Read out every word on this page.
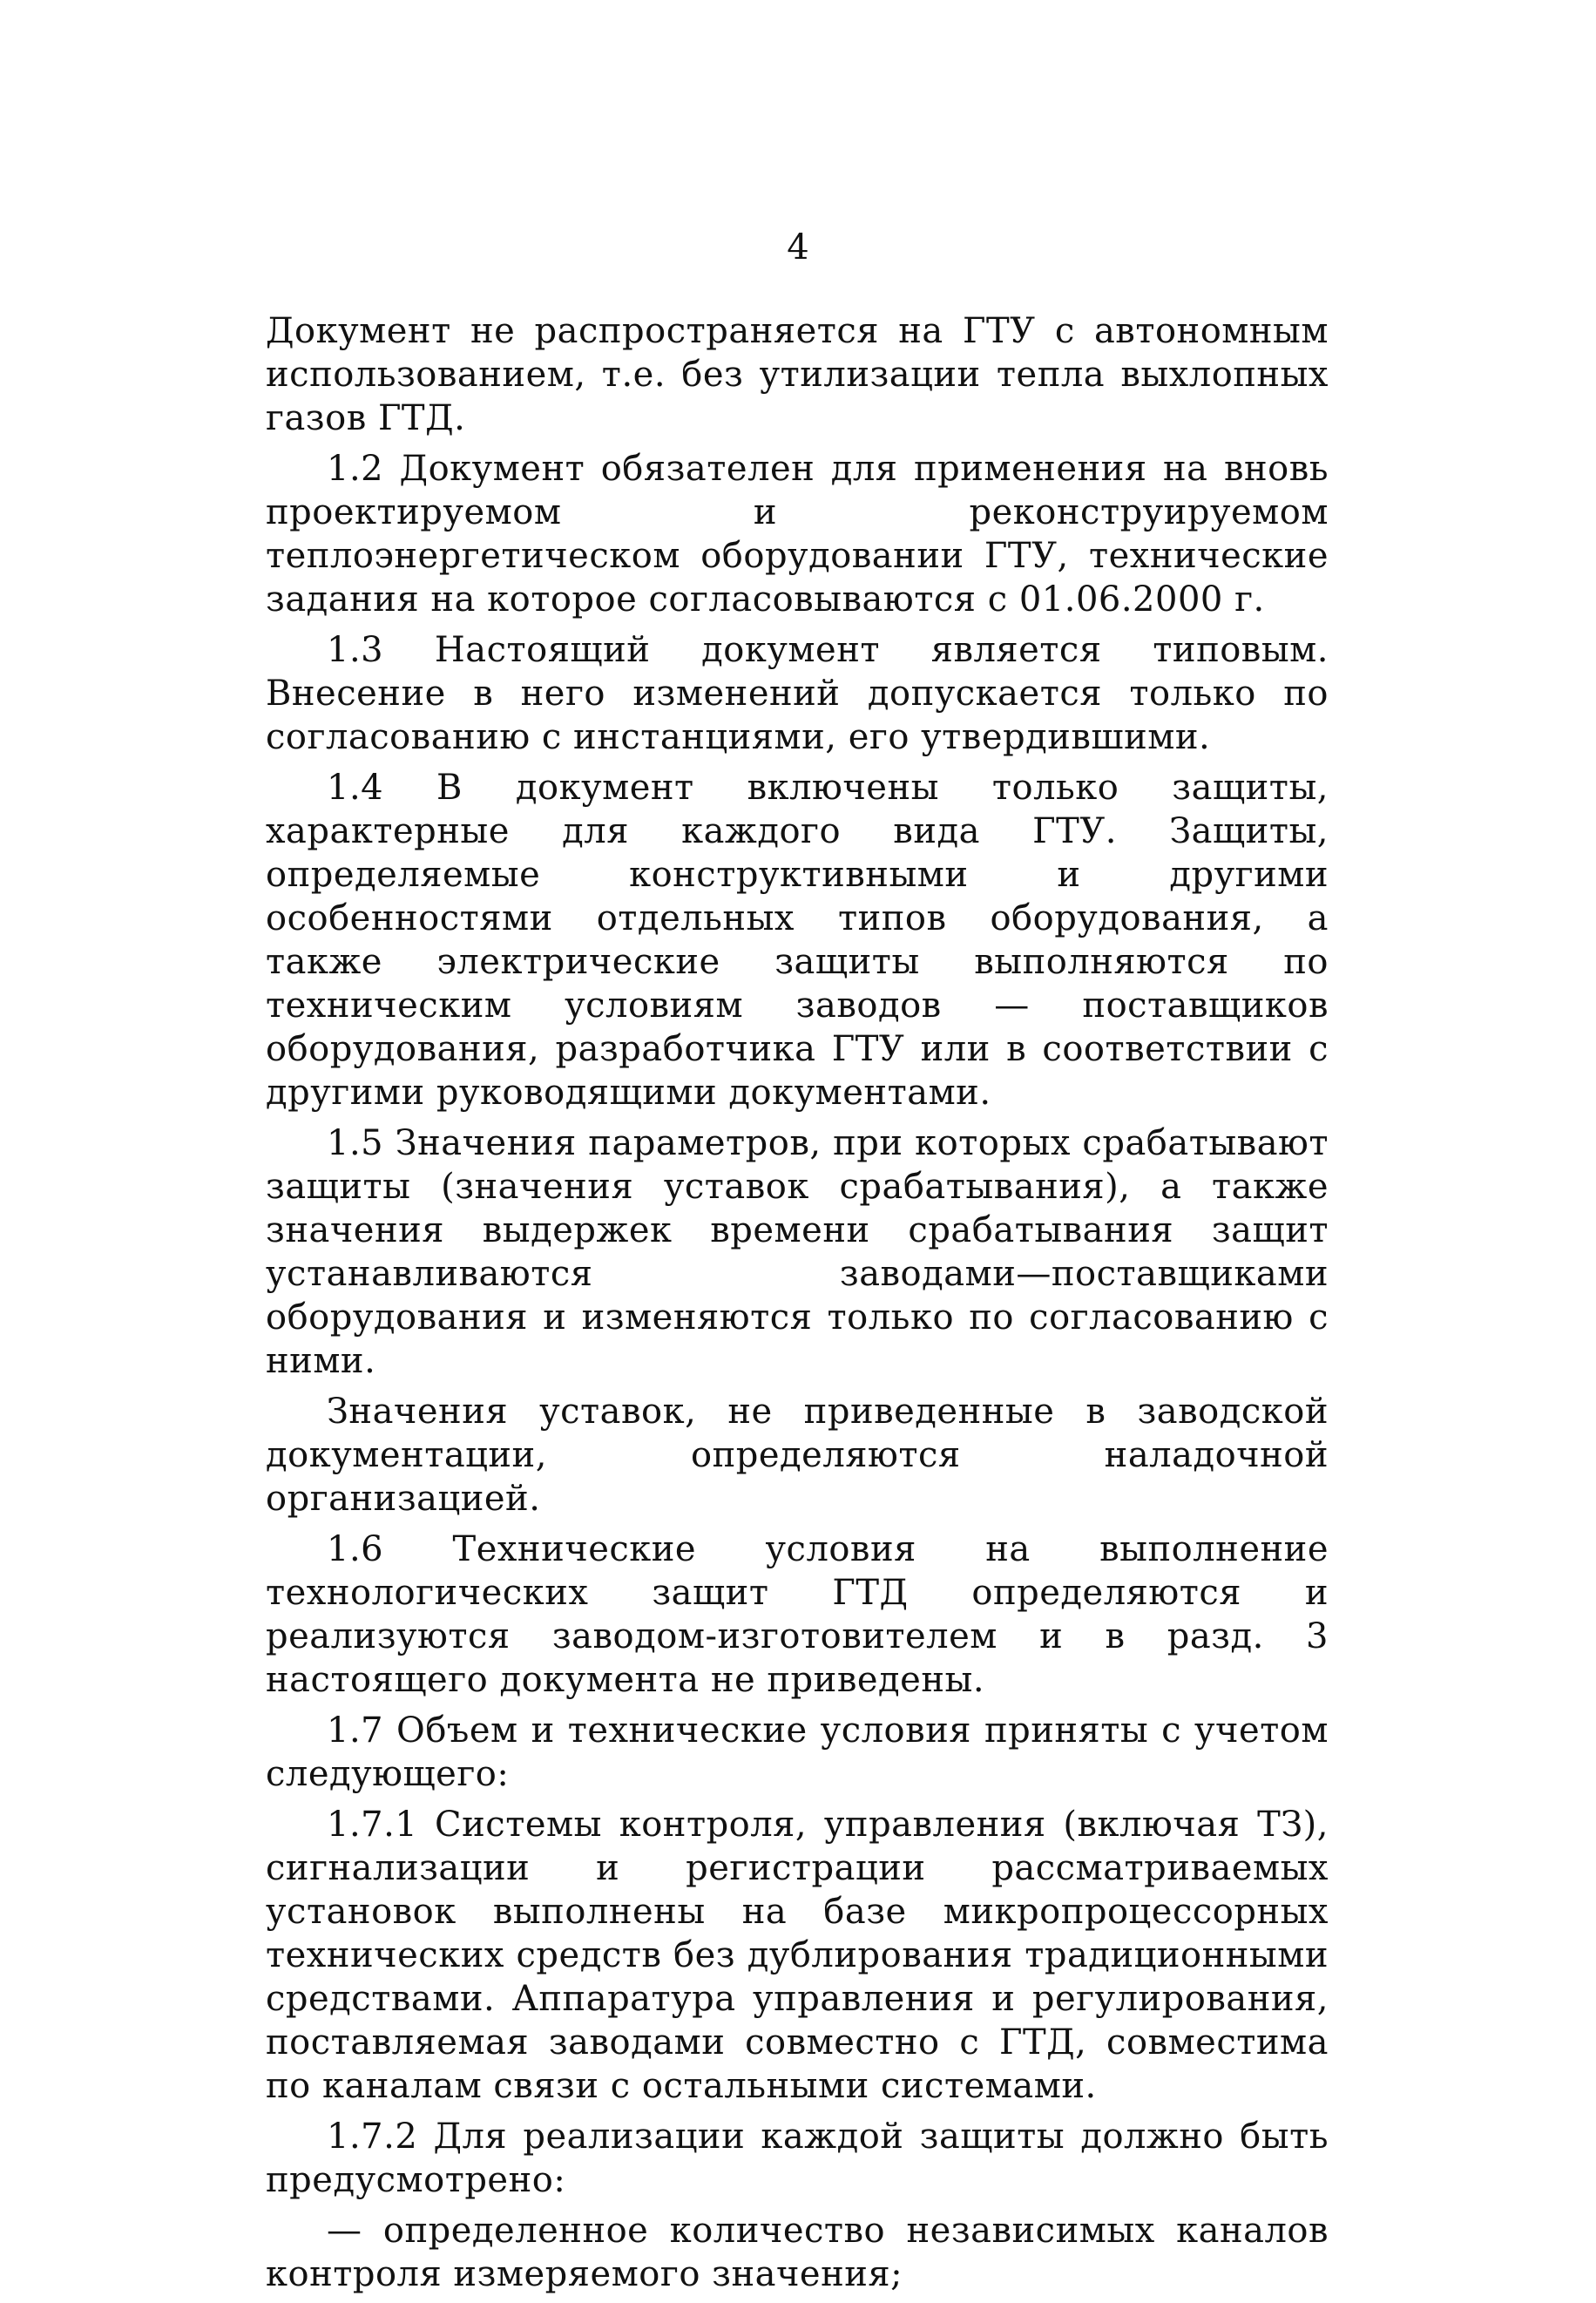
4

Документ не распространяется на ГТУ с автономным использованием, т.е. без утилизации тепла выхлопных газов ГТД.

1.2 Документ обязателен для применения на вновь проектируемом и реконструируемом теплоэнергетическом оборудовании ГТУ, технические задания на которое согласовываются с 01.06.2000 г.

1.3 Настоящий документ является типовым. Внесение в него изменений допускается только по согласованию с инстанциями, его утвердившими.

1.4 В документ включены только защиты, характерные для каждого вида ГТУ. Защиты, определяемые конструктивными и другими особенностями отдельных типов оборудования, а также электрические защиты выполняются по техническим условиям заводов — поставщиков оборудования, разработчика ГТУ или в соответствии с другими руководящими документами.

1.5 Значения параметров, при которых срабатывают защиты (значения уставок срабатывания), а также значения выдержек времени срабатывания защит устанавливаются заводами—поставщиками оборудования и изменяются только по согласованию с ними.

Значения уставок, не приведенные в заводской документации, определяются наладочной организацией.

1.6 Технические условия на выполнение технологических защит ГТД определяются и реализуются заводом-изготовителем и в разд. 3 настоящего документа не приведены.

1.7 Объем и технические условия приняты с учетом следующего:

1.7.1 Системы контроля, управления (включая ТЗ), сигнализации и регистрации рассматриваемых установок выполнены на базе микропроцессорных технических средств без дублирования традиционными средствами. Аппаратура управления и регулирования, поставляемая заводами совместно с ГТД, совместима по каналам связи с остальными системами.

1.7.2 Для реализации каждой защиты должно быть предусмотрено:

— определенное количество независимых каналов контроля измеряемого значения;
